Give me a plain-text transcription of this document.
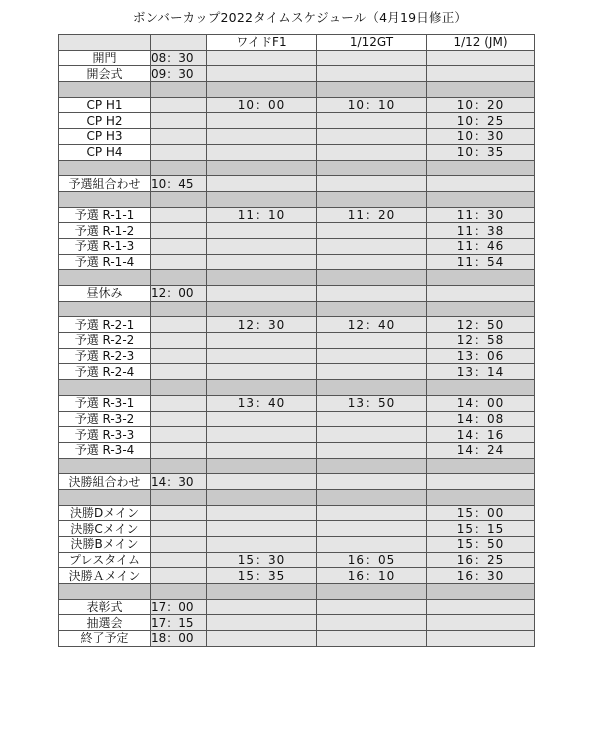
ボンバーカップ2022タイムスケジュール（4月19日修正）
		ワイドF1	1/12GT	1/12 (JM)
開門	08：30			
開会式	09：30			

CP H1		10：00	10：10	10：20
CP H2				10：25
CP H3				10：30
CP H4				10：35

予選組合わせ	10：45			

予選 R-1-1		11：10	11：20	11：30
予選 R-1-2				11：38
予選 R-1-3				11：46
予選 R-1-4				11：54

昼休み	12：00			

予選 R-2-1		12：30	12：40	12：50
予選 R-2-2				12：58
予選 R-2-3				13：06
予選 R-2-4				13：14

予選 R-3-1		13：40	13：50	14：00
予選 R-3-2				14：08
予選 R-3-3				14：16
予選 R-3-4				14：24

決勝組合わせ	14：30			

決勝Dメイン				15：00
決勝Cメイン				15：15
決勝Bメイン				15：50
プレスタイム		15：30	16：05	16：25
決勝Ａメイン		15：35	16：10	16：30

表彰式	17：00			
抽選会	17：15			
終了予定	18：00			
